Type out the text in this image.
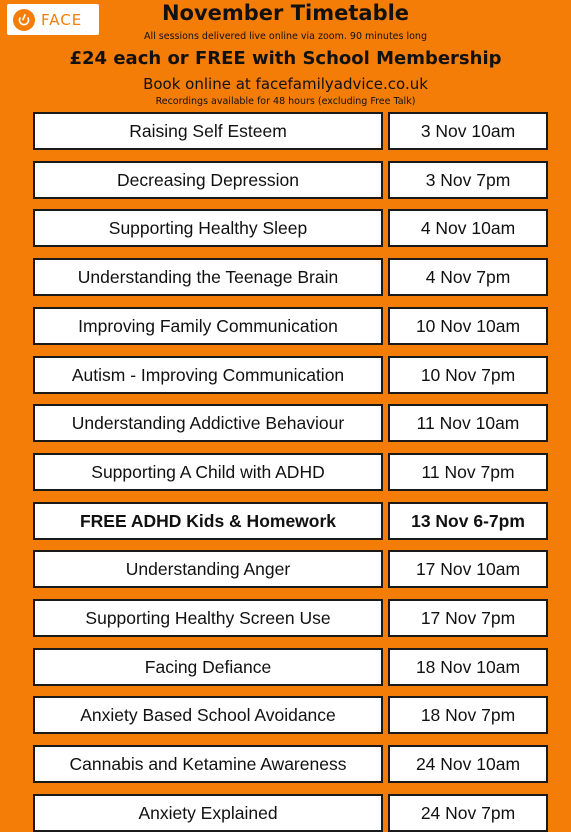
FACE	November Timetable
All sessions delivered live online via zoom. 90 minutes long
£24 each or FREE with School Membership
Book online at facefamilyadvice.co.uk
Recordings available for 48 hours (excluding Free Talk)
Raising Self Esteem	3 Nov 10am
Decreasing Depression	3 Nov 7pm
Supporting Healthy Sleep	4 Nov 10am
Understanding the Teenage Brain	4 Nov 7pm
Improving Family Communication	10 Nov 10am
Autism - Improving Communication	10 Nov 7pm
Understanding Addictive Behaviour	11 Nov 10am
Supporting A Child with ADHD	11 Nov 7pm
FREE ADHD Kids & Homework	13 Nov 6-7pm
Understanding Anger	17 Nov 10am
Supporting Healthy Screen Use	17 Nov 7pm
Facing Defiance	18 Nov 10am
Anxiety Based School Avoidance	18 Nov 7pm
Cannabis and Ketamine Awareness	24 Nov 10am
Anxiety Explained	24 Nov 7pm
